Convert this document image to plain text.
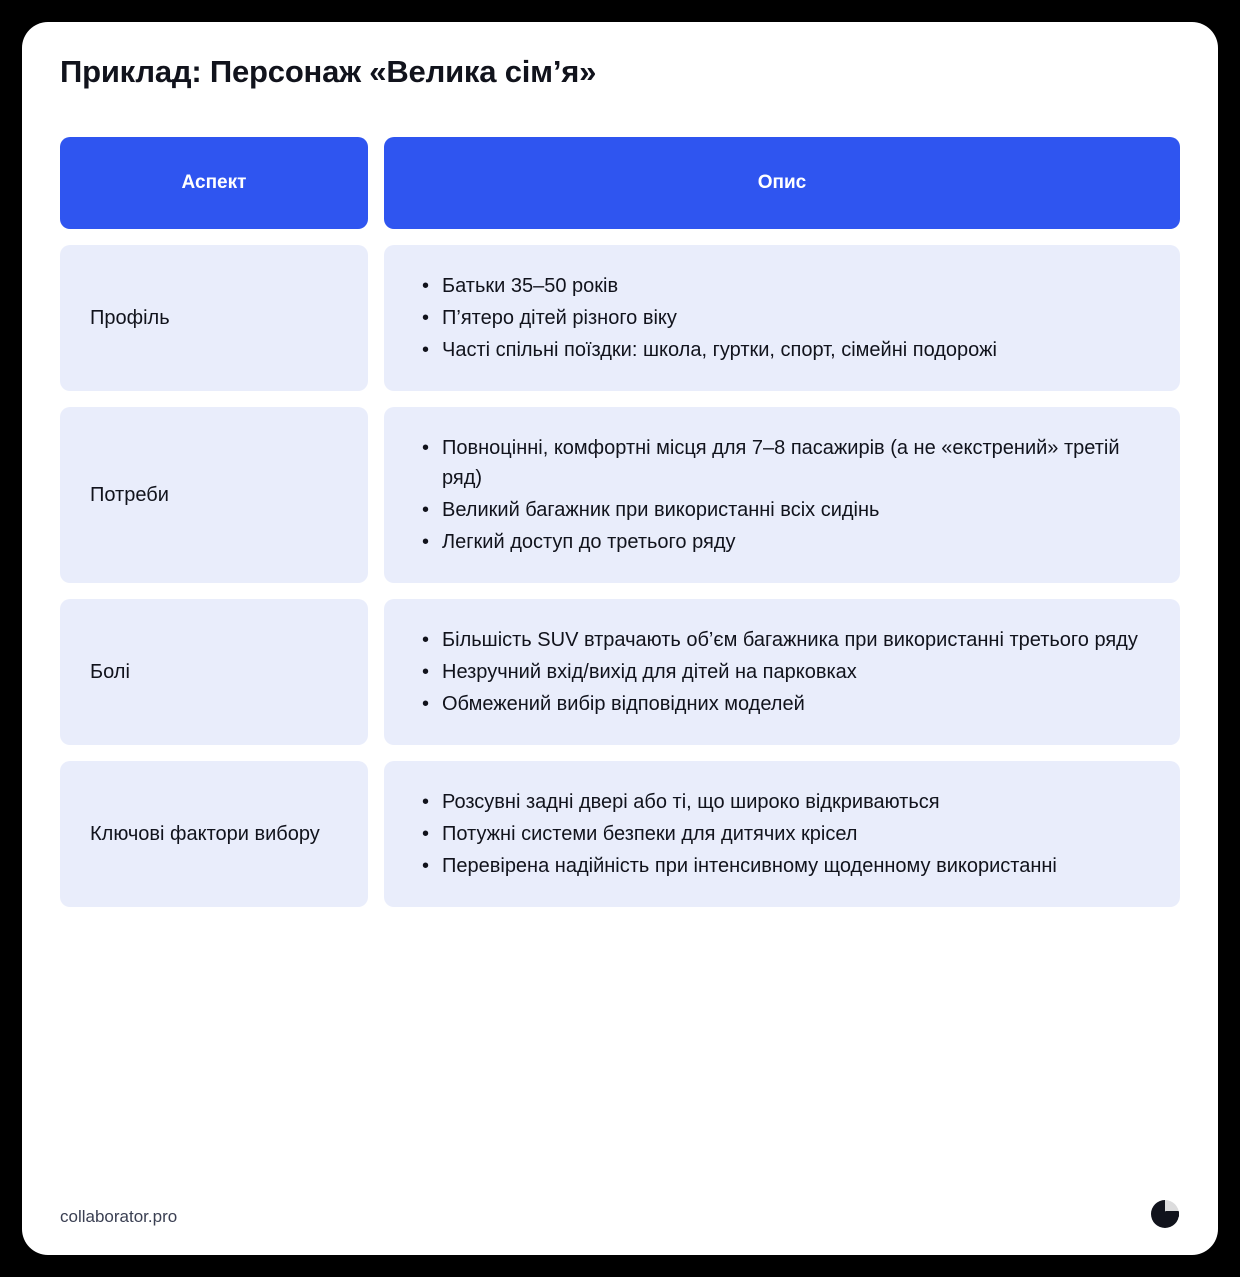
Приклад: Персонаж «Велика сім’я»
Аспект	Опис
Профіль
• Батьки 35–50 років
• П’ятеро дітей різного віку
• Часті спільні поїздки: школа, гуртки, спорт, сімейні подорожі
Потреби
• Повноцінні, комфортні місця для 7–8 пасажирів (а не «екстрений» третій ряд)
• Великий багажник при використанні всіх сидінь
• Легкий доступ до третього ряду
Болі
• Більшість SUV втрачають об’єм багажника при використанні третього ряду
• Незручний вхід/вихід для дітей на парковках
• Обмежений вибір відповідних моделей
Ключові фактори вибору
• Розсувні задні двері або ті, що широко відкриваються
• Потужні системи безпеки для дитячих крісел
• Перевірена надійність при інтенсивному щоденному використанні
collaborator.pro
